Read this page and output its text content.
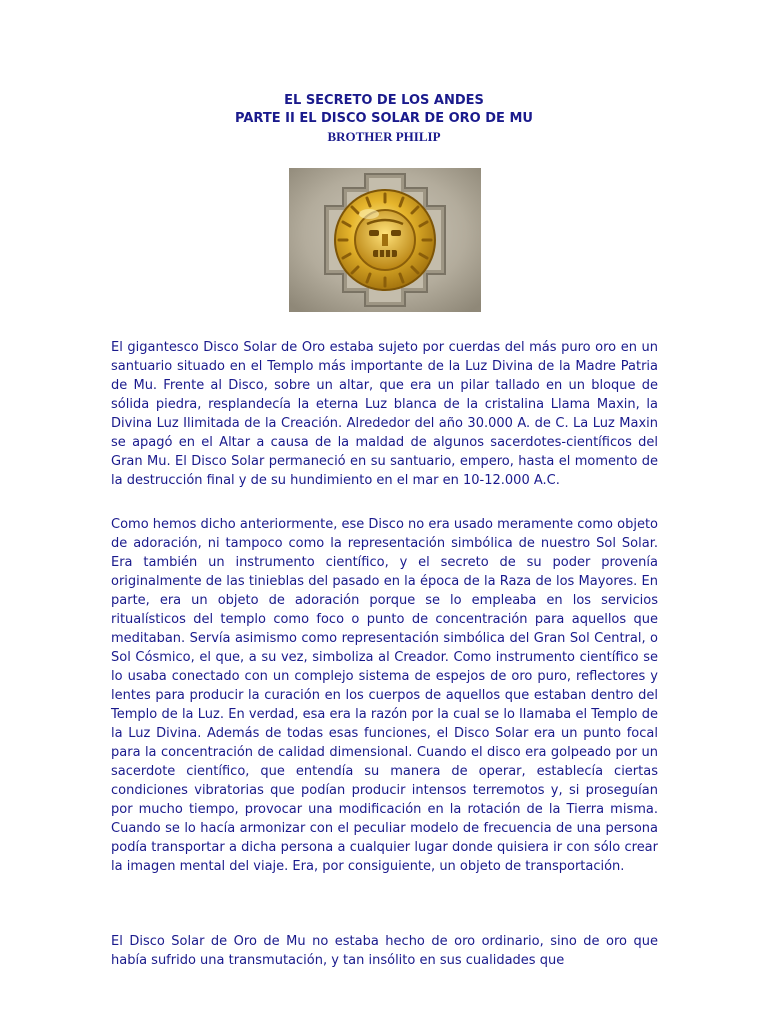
EL SECRETO DE LOS ANDES
PARTE II EL DISCO SOLAR DE ORO DE MU
BROTHER PHILIP

El gigantesco Disco Solar de Oro estaba sujeto por cuerdas del más puro oro en un santuario situado en el Templo más importante de la Luz Divina de la Madre Patria de Mu. Frente al Disco, sobre un altar, que era un pilar tallado en un bloque de sólida piedra, resplandecía la eterna Luz blanca de la cristalina Llama Maxin, la Divina Luz Ilimitada de la Creación. Alrededor del año 30.000 A. de C. La Luz Maxin se apagó en el Altar a causa de la maldad de algunos sacerdotes-científicos del Gran Mu. El Disco Solar permaneció en su santuario, empero, hasta el momento de la destrucción final y de su hundimiento en el mar en 10-12.000 A.C.

Como hemos dicho anteriormente, ese Disco no era usado meramente como objeto de adoración, ni tampoco como la representación simbólica de nuestro Sol Solar. Era también un instrumento científico, y el secreto de su poder provenía originalmente de las tinieblas del pasado en la época de la Raza de los Mayores. En parte, era un objeto de adoración porque se lo empleaba en los servicios ritualísticos del templo como foco o punto de concentración para aquellos que meditaban. Servía asimismo como representación simbólica del Gran Sol Central, o Sol Cósmico, el que, a su vez, simboliza al Creador. Como instrumento científico se lo usaba conectado con un complejo sistema de espejos de oro puro, reflectores y lentes para producir la curación en los cuerpos de aquellos que estaban dentro del Templo de la Luz. En verdad, esa era la razón por la cual se lo llamaba el Templo de la Luz Divina. Además de todas esas funciones, el Disco Solar era un punto focal para la concentración de calidad dimensional. Cuando el disco era golpeado por un sacerdote científico, que entendía su manera de operar, establecía ciertas condiciones vibratorias que podían producir intensos terremotos y, si proseguían por mucho tiempo, provocar una modificación en la rotación de la Tierra misma. Cuando se lo hacía armonizar con el peculiar modelo de frecuencia de una persona podía transportar a dicha persona a cualquier lugar donde quisiera ir con sólo crear la imagen mental del viaje. Era, por consiguiente, un objeto de transportación.

El Disco Solar de Oro de Mu no estaba hecho de oro ordinario, sino de oro que había sufrido una transmutación, y tan insólito en sus cualidades que
